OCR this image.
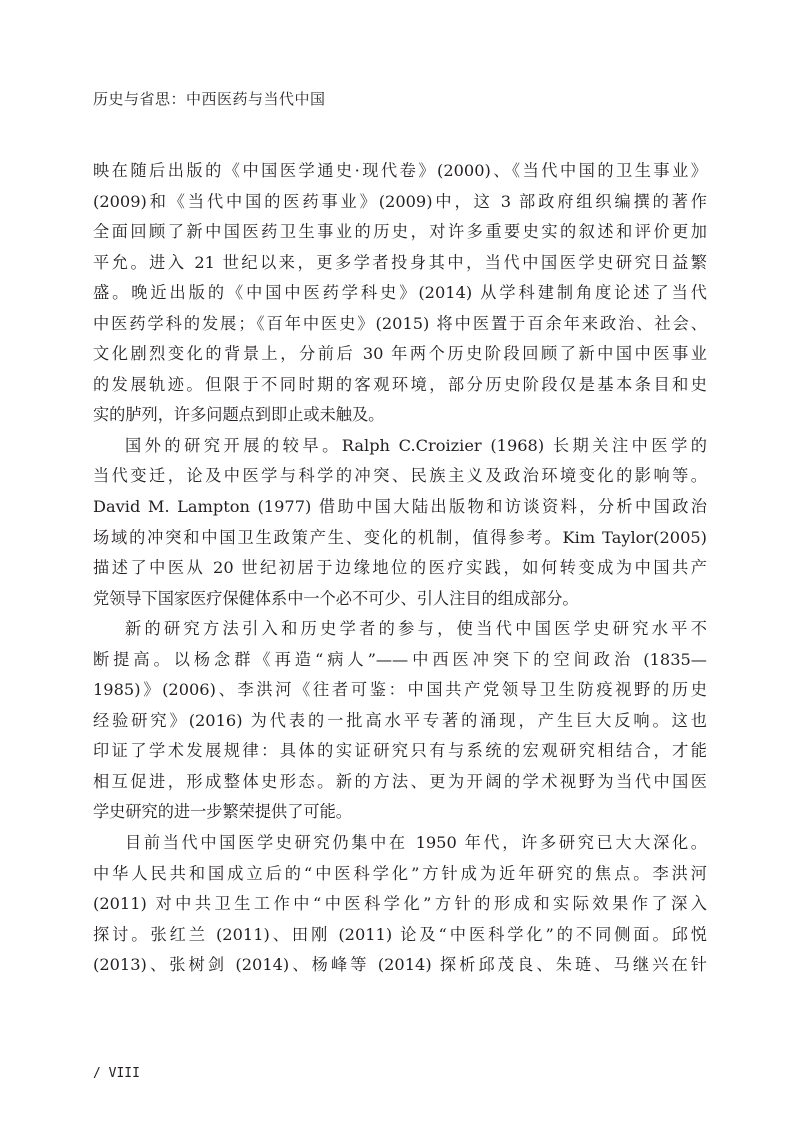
历史与省思：中西医药与当代中国
映在随后出版的《中国医学通史·现代卷》(2000)、《当代中国的卫生事业》
(2009)和《当代中国的医药事业》(2009)中，这 3 部政府组织编撰的著作
全面回顾了新中国医药卫生事业的历史，对许多重要史实的叙述和评价更加
平允。进入 21 世纪以来，更多学者投身其中，当代中国医学史研究日益繁
盛。晚近出版的《中国中医药学科史》(2014) 从学科建制角度论述了当代
中医药学科的发展；《百年中医史》(2015) 将中医置于百余年来政治、社会、
文化剧烈变化的背景上，分前后 30 年两个历史阶段回顾了新中国中医事业
的发展轨迹。但限于不同时期的客观环境，部分历史阶段仅是基本条目和史
实的胪列，许多问题点到即止或未触及。
国外的研究开展的较早。Ralph C.Croizier (1968) 长期关注中医学的
当代变迁，论及中医学与科学的冲突、民族主义及政治环境变化的影响等。
David M. Lampton (1977) 借助中国大陆出版物和访谈资料，分析中国政治
场域的冲突和中国卫生政策产生、变化的机制，值得参考。Kim Taylor(2005)
描述了中医从 20 世纪初居于边缘地位的医疗实践，如何转变成为中国共产
党领导下国家医疗保健体系中一个必不可少、引人注目的组成部分。
新的研究方法引入和历史学者的参与，使当代中国医学史研究水平不
断提高。以杨念群《再造“病人”——中西医冲突下的空间政治 (1835—
1985)》(2006)、李洪河《往者可鉴：中国共产党领导卫生防疫视野的历史
经验研究》(2016) 为代表的一批高水平专著的涌现，产生巨大反响。这也
印证了学术发展规律：具体的实证研究只有与系统的宏观研究相结合，才能
相互促进，形成整体史形态。新的方法、更为开阔的学术视野为当代中国医
学史研究的进一步繁荣提供了可能。
目前当代中国医学史研究仍集中在 1950 年代，许多研究已大大深化。
中华人民共和国成立后的“中医科学化”方针成为近年研究的焦点。李洪河
(2011) 对中共卫生工作中“中医科学化”方针的形成和实际效果作了深入
探讨。张红兰 (2011)、田刚 (2011) 论及“中医科学化”的不同侧面。邱悦
(2013)、张树剑 (2014)、杨峰等 (2014) 探析邱茂良、朱琏、马继兴在针
/ VIII
